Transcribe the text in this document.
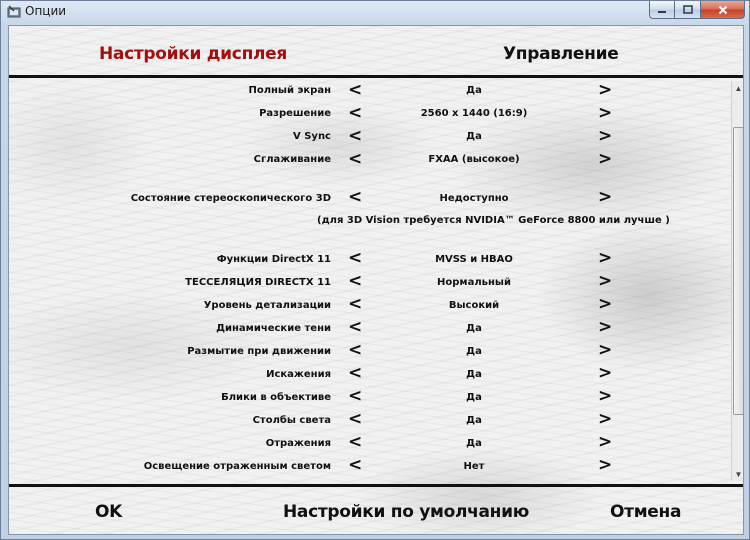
Опции
Настройки дисплея	Управление
Полный экран <	Да	>
Разрешение <	2560 x 1440 (16:9)	>
V Sync <	Да	>
Сглаживание <	FXAA (высокое)	>
Состояние стереоскопического 3D <	Недоступно	>
(для 3D Vision требуется NVIDIA™ GeForce 8800 или лучше )
Функции DirectX 11 <	MVSS и HBAO	>
ТЕССЕЛЯЦИЯ DIRECTX 11 <	Нормальный	>
Уровень детализации <	Высокий	>
Динамические тени <	Да	>
Размытие при движении <	Да	>
Искажения <	Да	>
Блики в объективе <	Да	>
Столбы света <	Да	>
Отражения <	Да	>
Освещение отраженным светом <	Нет	>
▲
▼
OK	Настройки по умолчанию	Отмена
